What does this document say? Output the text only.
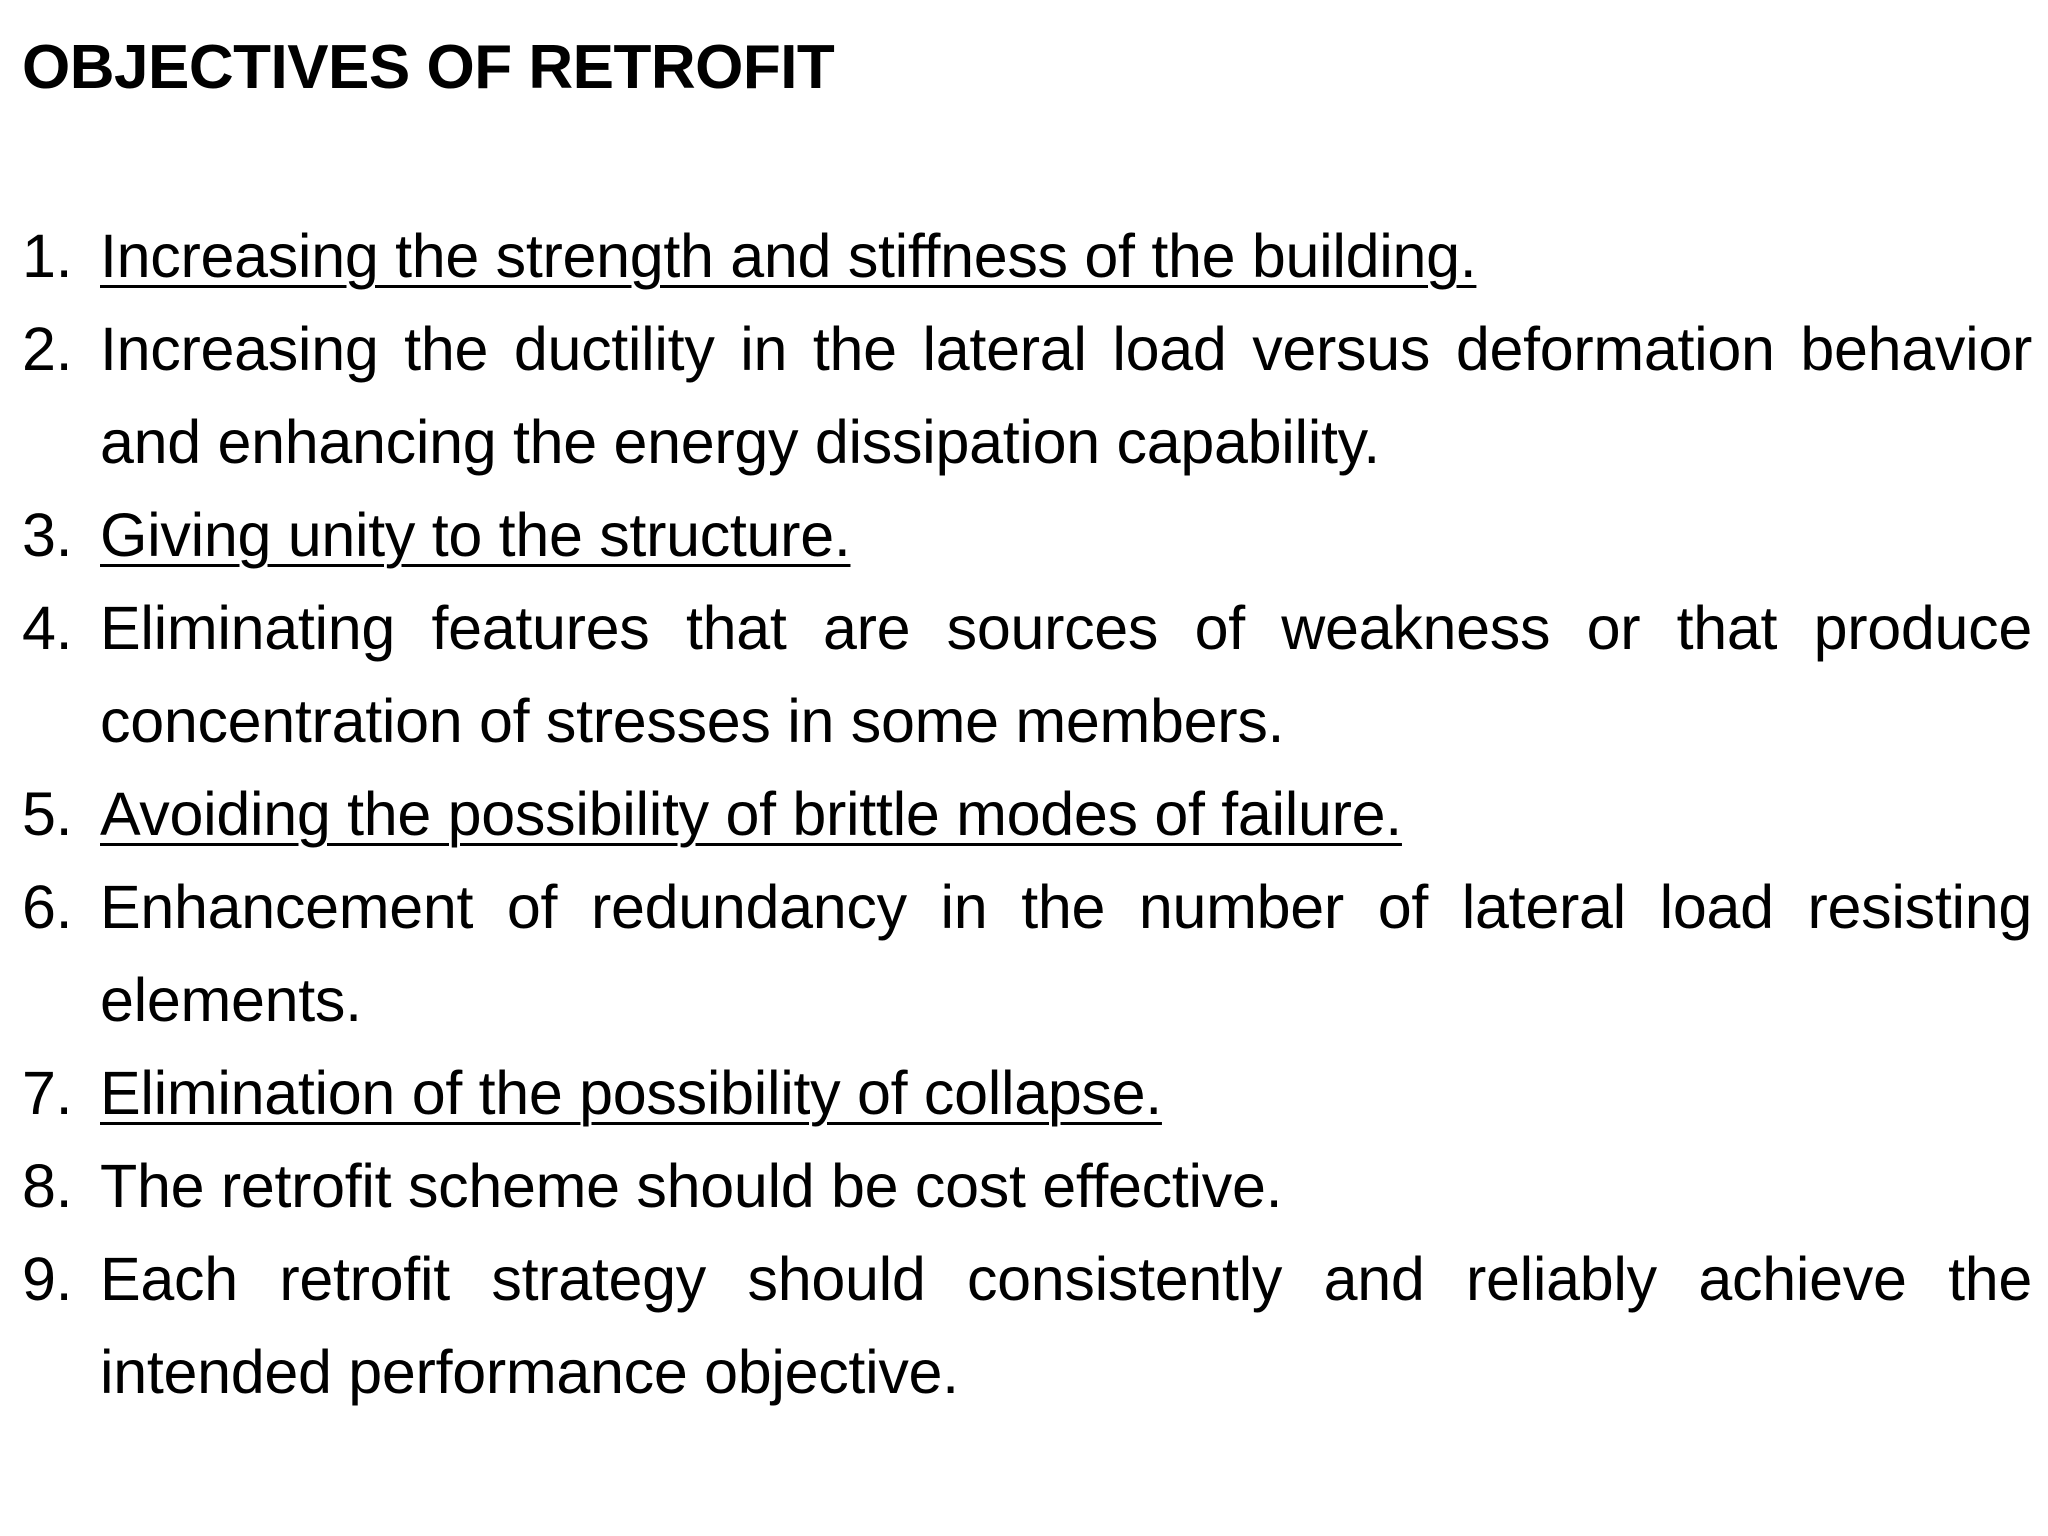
OBJECTIVES OF RETROFIT
1. Increasing the strength and stiffness of the building.
2. Increasing the ductility in the lateral load versus deformation behavior and enhancing the energy dissipation capability.
3. Giving unity to the structure.
4. Eliminating features that are sources of weakness or that produce concentration of stresses in some members.
5. Avoiding the possibility of brittle modes of failure.
6. Enhancement of redundancy in the number of lateral load resisting elements.
7. Elimination of the possibility of collapse.
8. The retrofit scheme should be cost effective.
9. Each retrofit strategy should consistently and reliably achieve the intended performance objective.
